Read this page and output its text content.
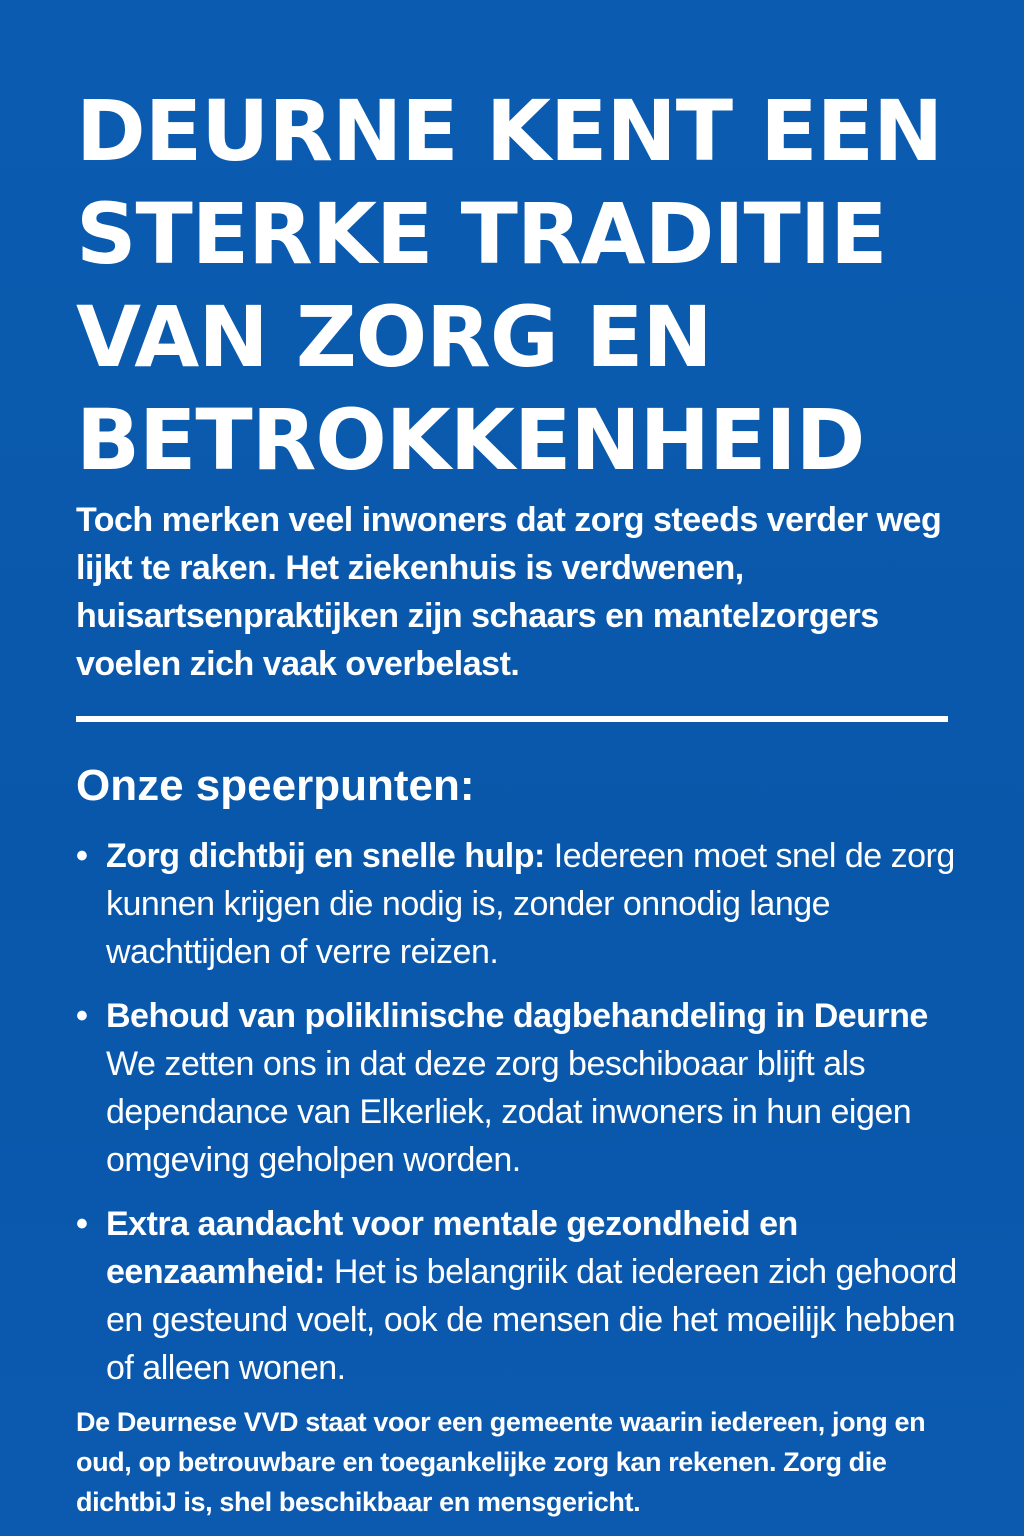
DEURNE KENT EEN
STERKE TRADITIE
VAN ZORG EN
BETROKKENHEID

Toch merken veel inwoners dat zorg steeds verder weg lijkt te raken. Het ziekenhuis is verdwenen, huisartsenpraktijken zijn schaars en mantelzorgers voelen zich vaak overbelast.

Onze speerpunten:
• Zorg dichtbij en snelle hulp: Iedereen moet snel de zorg kunnen krijgen die nodig is, zonder onnodig lange wachttijden of verre reizen.
• Behoud van poliklinische dagbehandeling in Deurne
We zetten ons in dat deze zorg beschiboaar blijft als dependance van Elkerliek, zodat inwoners in hun eigen omgeving geholpen worden.
• Extra aandacht voor mentale gezondheid en eenzaamheid: Het is belangriik dat iedereen zich gehoord en gesteund voelt, ook de mensen die het moeilijk hebben of alleen wonen.

De Deurnese VVD staat voor een gemeente waarin iedereen, jong en oud, op betrouwbare en toegankelijke zorg kan rekenen. Zorg die dichtbiJ is, shel beschikbaar en mensgericht.
